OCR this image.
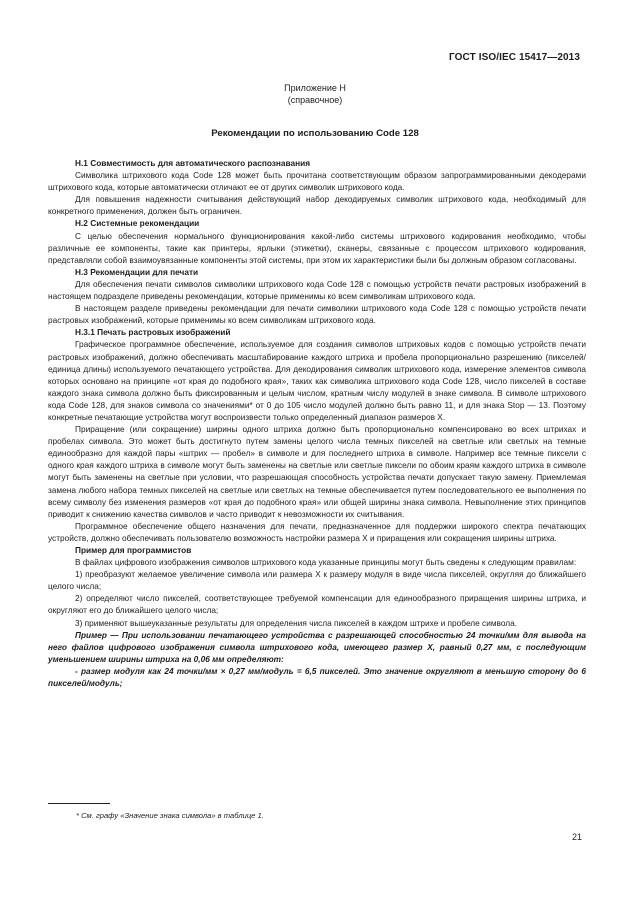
ГОСТ ISO/IEC 15417—2013
Приложение Н
(справочное)
Рекомендации по использованию Code 128

Н.1 Совместимость для автоматического распознавания

Символика штрихового кода Code 128 может быть прочитана соответствующим образом запрограммированными декодерами штрихового кода, которые автоматически отличают ее от других символик штрихового кода.

Для повышения надежности считывания действующий набор декодируемых символик штрихового кода, необходимый для конкретного применения, должен быть ограничен.

Н.2 Системные рекомендации

С целью обеспечения нормального функционирования какой-либо системы штрихового кодирования необходимо, чтобы различные ее компоненты, такие как принтеры, ярлыки (этикетки), сканеры, связанные с процессом штрихового кодирования, представляли собой взаимоувязанные компоненты этой системы, при этом их характеристики были бы должным образом согласованы.

Н.3 Рекомендации для печати

Для обеспечения печати символов символики штрихового кода Code 128 с помощью устройств печати растровых изображений в настоящем подразделе приведены рекомендации, которые применимы ко всем символикам штрихового кода.

В настоящем разделе приведены рекомендации для печати символики штрихового кода Code 128 с помощью устройств печати растровых изображений, которые применимы ко всем символикам штрихового кода.

Н.3.1 Печать растровых изображений

Графическое программное обеспечение, используемое для создания символов штриховых кодов с помощью устройств печати растровых изображений, должно обеспечивать масштабирование каждого штриха и пробела пропорционально разрешению (пикселей/единица длины) используемого печатающего устройства. Для декодирования символик штрихового кода, измерение элементов символа которых основано на принципе «от края до подобного края», таких как символика штрихового кода Code 128, число пикселей в составе каждого знака символа должно быть фиксированным и целым числом, кратным числу модулей в знаке символа. В символе штрихового кода Code 128, для знаков символа со значениями* от 0 до 105 число модулей должно быть равно 11, и для знака Stop — 13. Поэтому конкретные печатающие устройства могут воспроизвести только определенный диапазон размеров X.

Приращение (или сокращение) ширины одного штриха должно быть пропорционально компенсировано во всех штрихах и пробелах символа. Это может быть достигнуто путем замены целого числа темных пикселей на светлые или светлых на темные единообразно для каждой пары «штрих — пробел» в символе и для последнего штриха в символе. Например все темные пиксели с одного края каждого штриха в символе могут быть заменены на светлые или светлые пиксели по обоим краям каждого штриха в символе могут быть заменены на светлые при условии, что разрешающая способность устройства печати допускает такую замену. Приемлемая замена любого набора темных пикселей на светлые или светлых на темные обеспечивается путем последовательного ее выполнения по всему символу без изменения размеров «от края до подобного края» или общей ширины знака символа. Невыполнение этих принципов приводит к снижению качества символов и часто приводит к невозможности их считывания.

Программное обеспечение общего назначения для печати, предназначенное для поддержки широкого спектра печатающих устройств, должно обеспечивать пользователю возможность настройки размера X и приращения или сокращения ширины штриха.

Пример для программистов

В файлах цифрового изображения символов штрихового кода указанные принципы могут быть сведены к следующим правилам:

1) преобразуют желаемое увеличение символа или размера X к размеру модуля в виде числа пикселей, округляя до ближайшего целого числа;

2) определяют число пикселей, соответствующее требуемой компенсации для единообразного приращения ширины штриха, и округляют его до ближайшего целого числа;

3) применяют вышеуказанные результаты для определения числа пикселей в каждом штрихе и пробеле символа.

Пример — При использовании печатающего устройства с разрешающей способностью 24 точки/мм для вывода на него файлов цифрового изображения символа штрихового кода, имеющего размер X, равный 0,27 мм, с последующим уменьшением ширины штриха на 0,06 мм определяют:

- размер модуля как 24 точки/мм × 0,27 мм/модуль = 6,5 пикселей. Это значение округляют в меньшую сторону до 6 пикселей/модуль;

* См. графу «Значение знака символа» в таблице 1.
21
